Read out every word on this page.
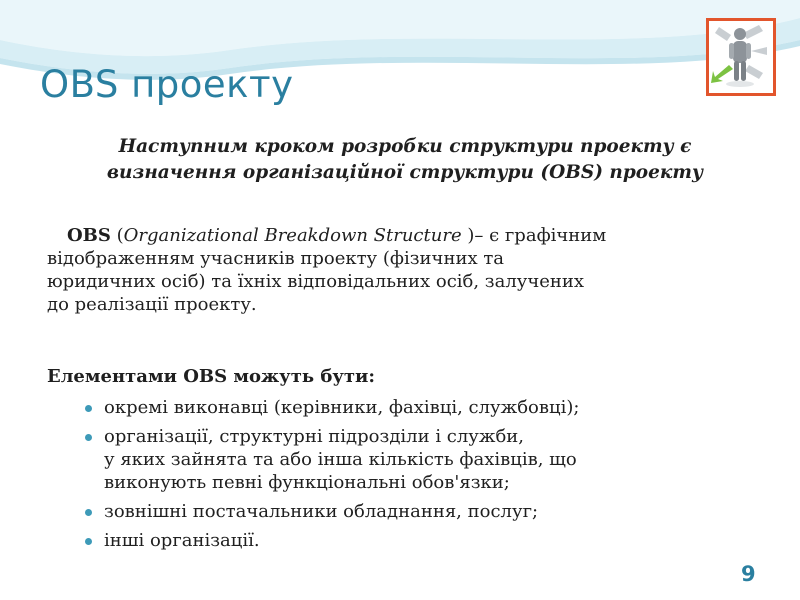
OBS проекту

Наступним кроком розробки структури проекту є
визначення організаційної структури (OBS) проекту

OBS (Organizational Breakdown Structure )– є графічним
відображенням учасників проекту (фізичних та
юридичних осіб) та їхніх відповідальних осіб, залучених
до реалізації проекту.

Елементами OBS можуть бути:

окремі виконавці (керівники, фахівці, службовці);
організації, структурні підрозділи і служби,
у яких зайнята та або інша кількість фахівців, що
виконують певні функціональні обов'язки;
зовнішні постачальники обладнання, послуг;
інші організації.

9
